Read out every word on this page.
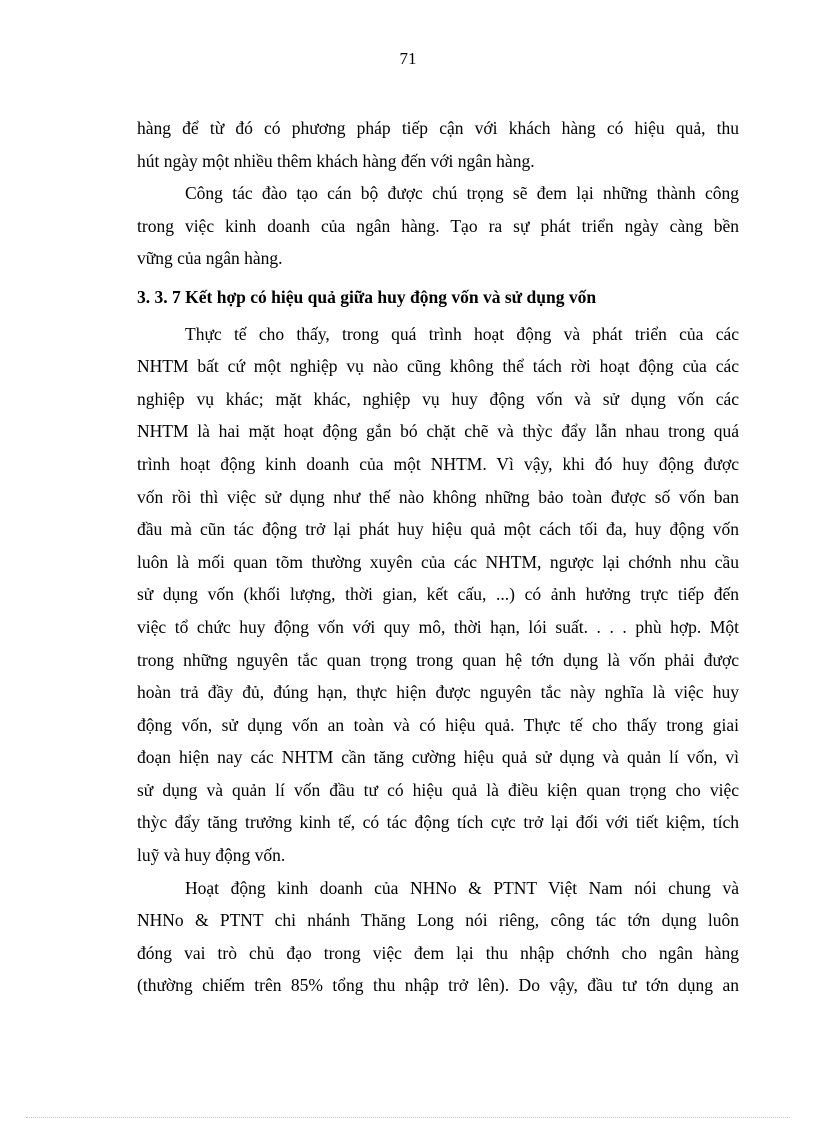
71

hàng để từ đó có phương pháp tiếp cận với khách hàng có hiệu quả, thu
hút ngày một nhiều thêm khách hàng đến với ngân hàng.

Công tác đào tạo cán bộ được chú trọng sẽ đem lại những thành công
trong việc kinh doanh của ngân hàng. Tạo ra sự phát triển ngày càng bền
vững của ngân hàng.

3. 3. 7 Kết hợp có hiệu quả giữa huy động vốn và sử dụng vốn

Thực tế cho thấy, trong quá trình hoạt động và phát triển của các
NHTM bất cứ một nghiệp vụ nào cũng không thể tách rời hoạt động của các
nghiệp vụ khác; mặt khác, nghiệp vụ huy động vốn và sử dụng vốn các
NHTM là hai mặt hoạt động gắn bó chặt chẽ và thỳc đẩy lẫn nhau trong quá
trình hoạt động kinh doanh của một NHTM. Vì vậy, khi đó huy động được
vốn rồi thì việc sử dụng như thế nào không những bảo toàn được số vốn ban
đầu mà cũn tác động trở lại phát huy hiệu quả một cách tối đa, huy động vốn
luôn là mối quan tõm thường xuyên của các NHTM, ngược lại chớnh nhu cầu
sử dụng vốn (khối lượng, thời gian, kết cấu, ...) có ảnh hưởng trực tiếp đến
việc tổ chức huy động vốn với quy mô, thời hạn, lói suất. . . . phù hợp. Một
trong những nguyên tắc quan trọng trong quan hệ tớn dụng là vốn phải được
hoàn trả đầy đủ, đúng hạn, thực hiện được nguyên tắc này nghĩa là việc huy
động vốn, sử dụng vốn an toàn và có hiệu quả. Thực tế cho thấy trong giai
đoạn hiện nay các NHTM cần tăng cường hiệu quả sử dụng và quản lí vốn, vì
sử dụng và quản lí vốn đầu tư có hiệu quả là điều kiện quan trọng cho việc
thỳc đẩy tăng trưởng kinh tế, có tác động tích cực trở lại đối với tiết kiệm, tích
luỹ và huy động vốn.

Hoạt động kinh doanh của NHNo & PTNT Việt Nam nói chung và
NHNo & PTNT chi nhánh Thăng Long nói riêng, công tác tớn dụng luôn
đóng vai trò chủ đạo trong việc đem lại thu nhập chớnh cho ngân hàng
(thường chiếm trên 85% tổng thu nhập trở lên). Do vậy, đầu tư tớn dụng an
